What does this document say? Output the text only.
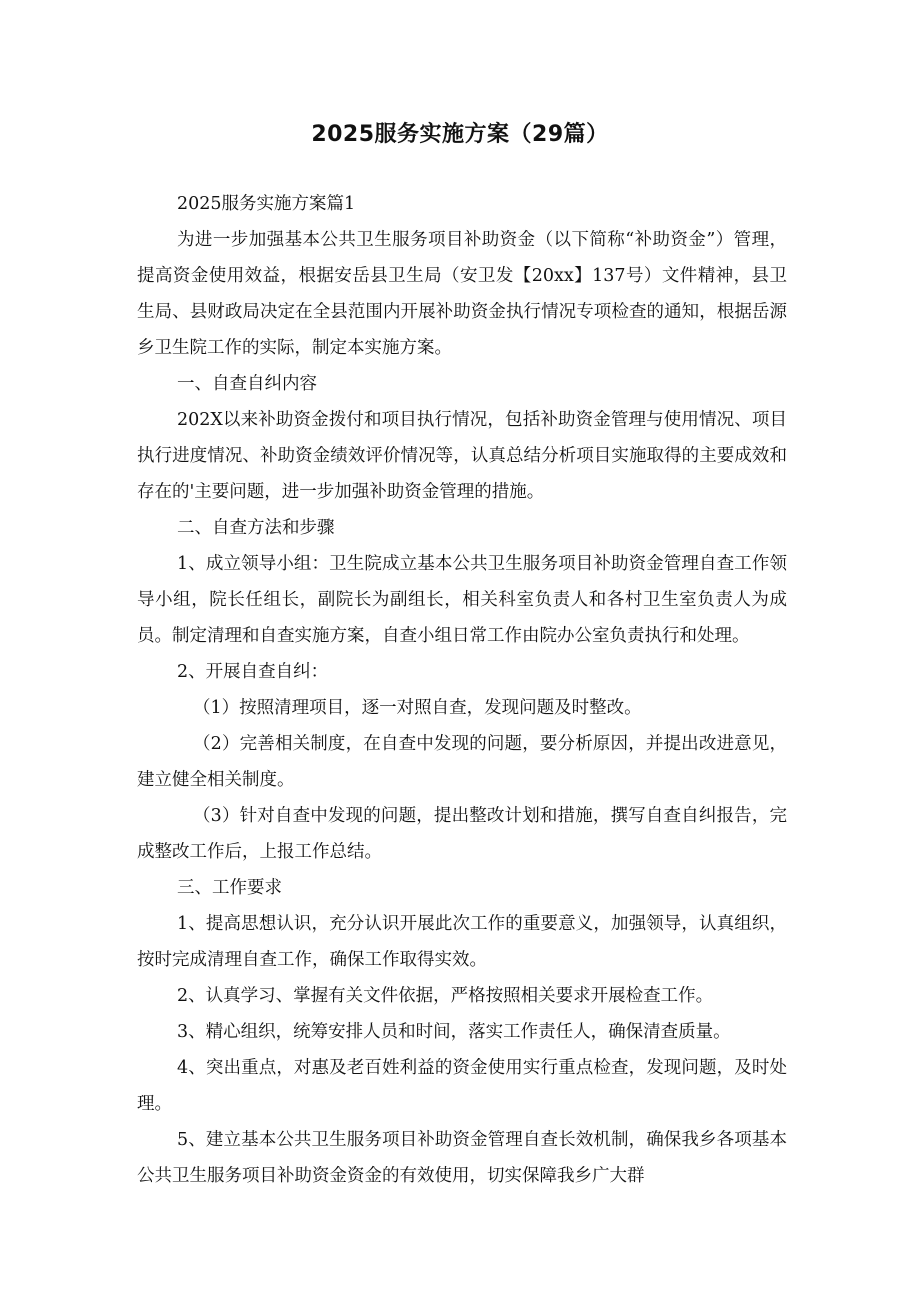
2025服务实施方案（29篇）

2025服务实施方案篇1

为进一步加强基本公共卫生服务项目补助资金（以下简称“补助资金”）管理，提高资金使用效益，根据安岳县卫生局（安卫发【20xx】137号）文件精神，县卫生局、县财政局决定在全县范围内开展补助资金执行情况专项检查的通知，根据岳源乡卫生院工作的实际，制定本实施方案。

一、自查自纠内容

202X以来补助资金拨付和项目执行情况，包括补助资金管理与使用情况、项目执行进度情况、补助资金绩效评价情况等，认真总结分析项目实施取得的主要成效和存在的'主要问题，进一步加强补助资金管理的措施。

二、自查方法和步骤

1、成立领导小组：卫生院成立基本公共卫生服务项目补助资金管理自查工作领导小组，院长任组长，副院长为副组长，相关科室负责人和各村卫生室负责人为成员。制定清理和自查实施方案，自查小组日常工作由院办公室负责执行和处理。

2、开展自查自纠：

（1）按照清理项目，逐一对照自查，发现问题及时整改。

（2）完善相关制度，在自查中发现的问题，要分析原因，并提出改进意见，建立健全相关制度。

（3）针对自查中发现的问题，提出整改计划和措施，撰写自查自纠报告，完成整改工作后，上报工作总结。

三、工作要求

1、提高思想认识，充分认识开展此次工作的重要意义，加强领导，认真组织，按时完成清理自查工作，确保工作取得实效。

2、认真学习、掌握有关文件依据，严格按照相关要求开展检查工作。

3、精心组织，统筹安排人员和时间，落实工作责任人，确保清查质量。

4、突出重点，对惠及老百姓利益的资金使用实行重点检查，发现问题，及时处理。

5、建立基本公共卫生服务项目补助资金管理自查长效机制，确保我乡各项基本公共卫生服务项目补助资金资金的有效使用，切实保障我乡广大群
